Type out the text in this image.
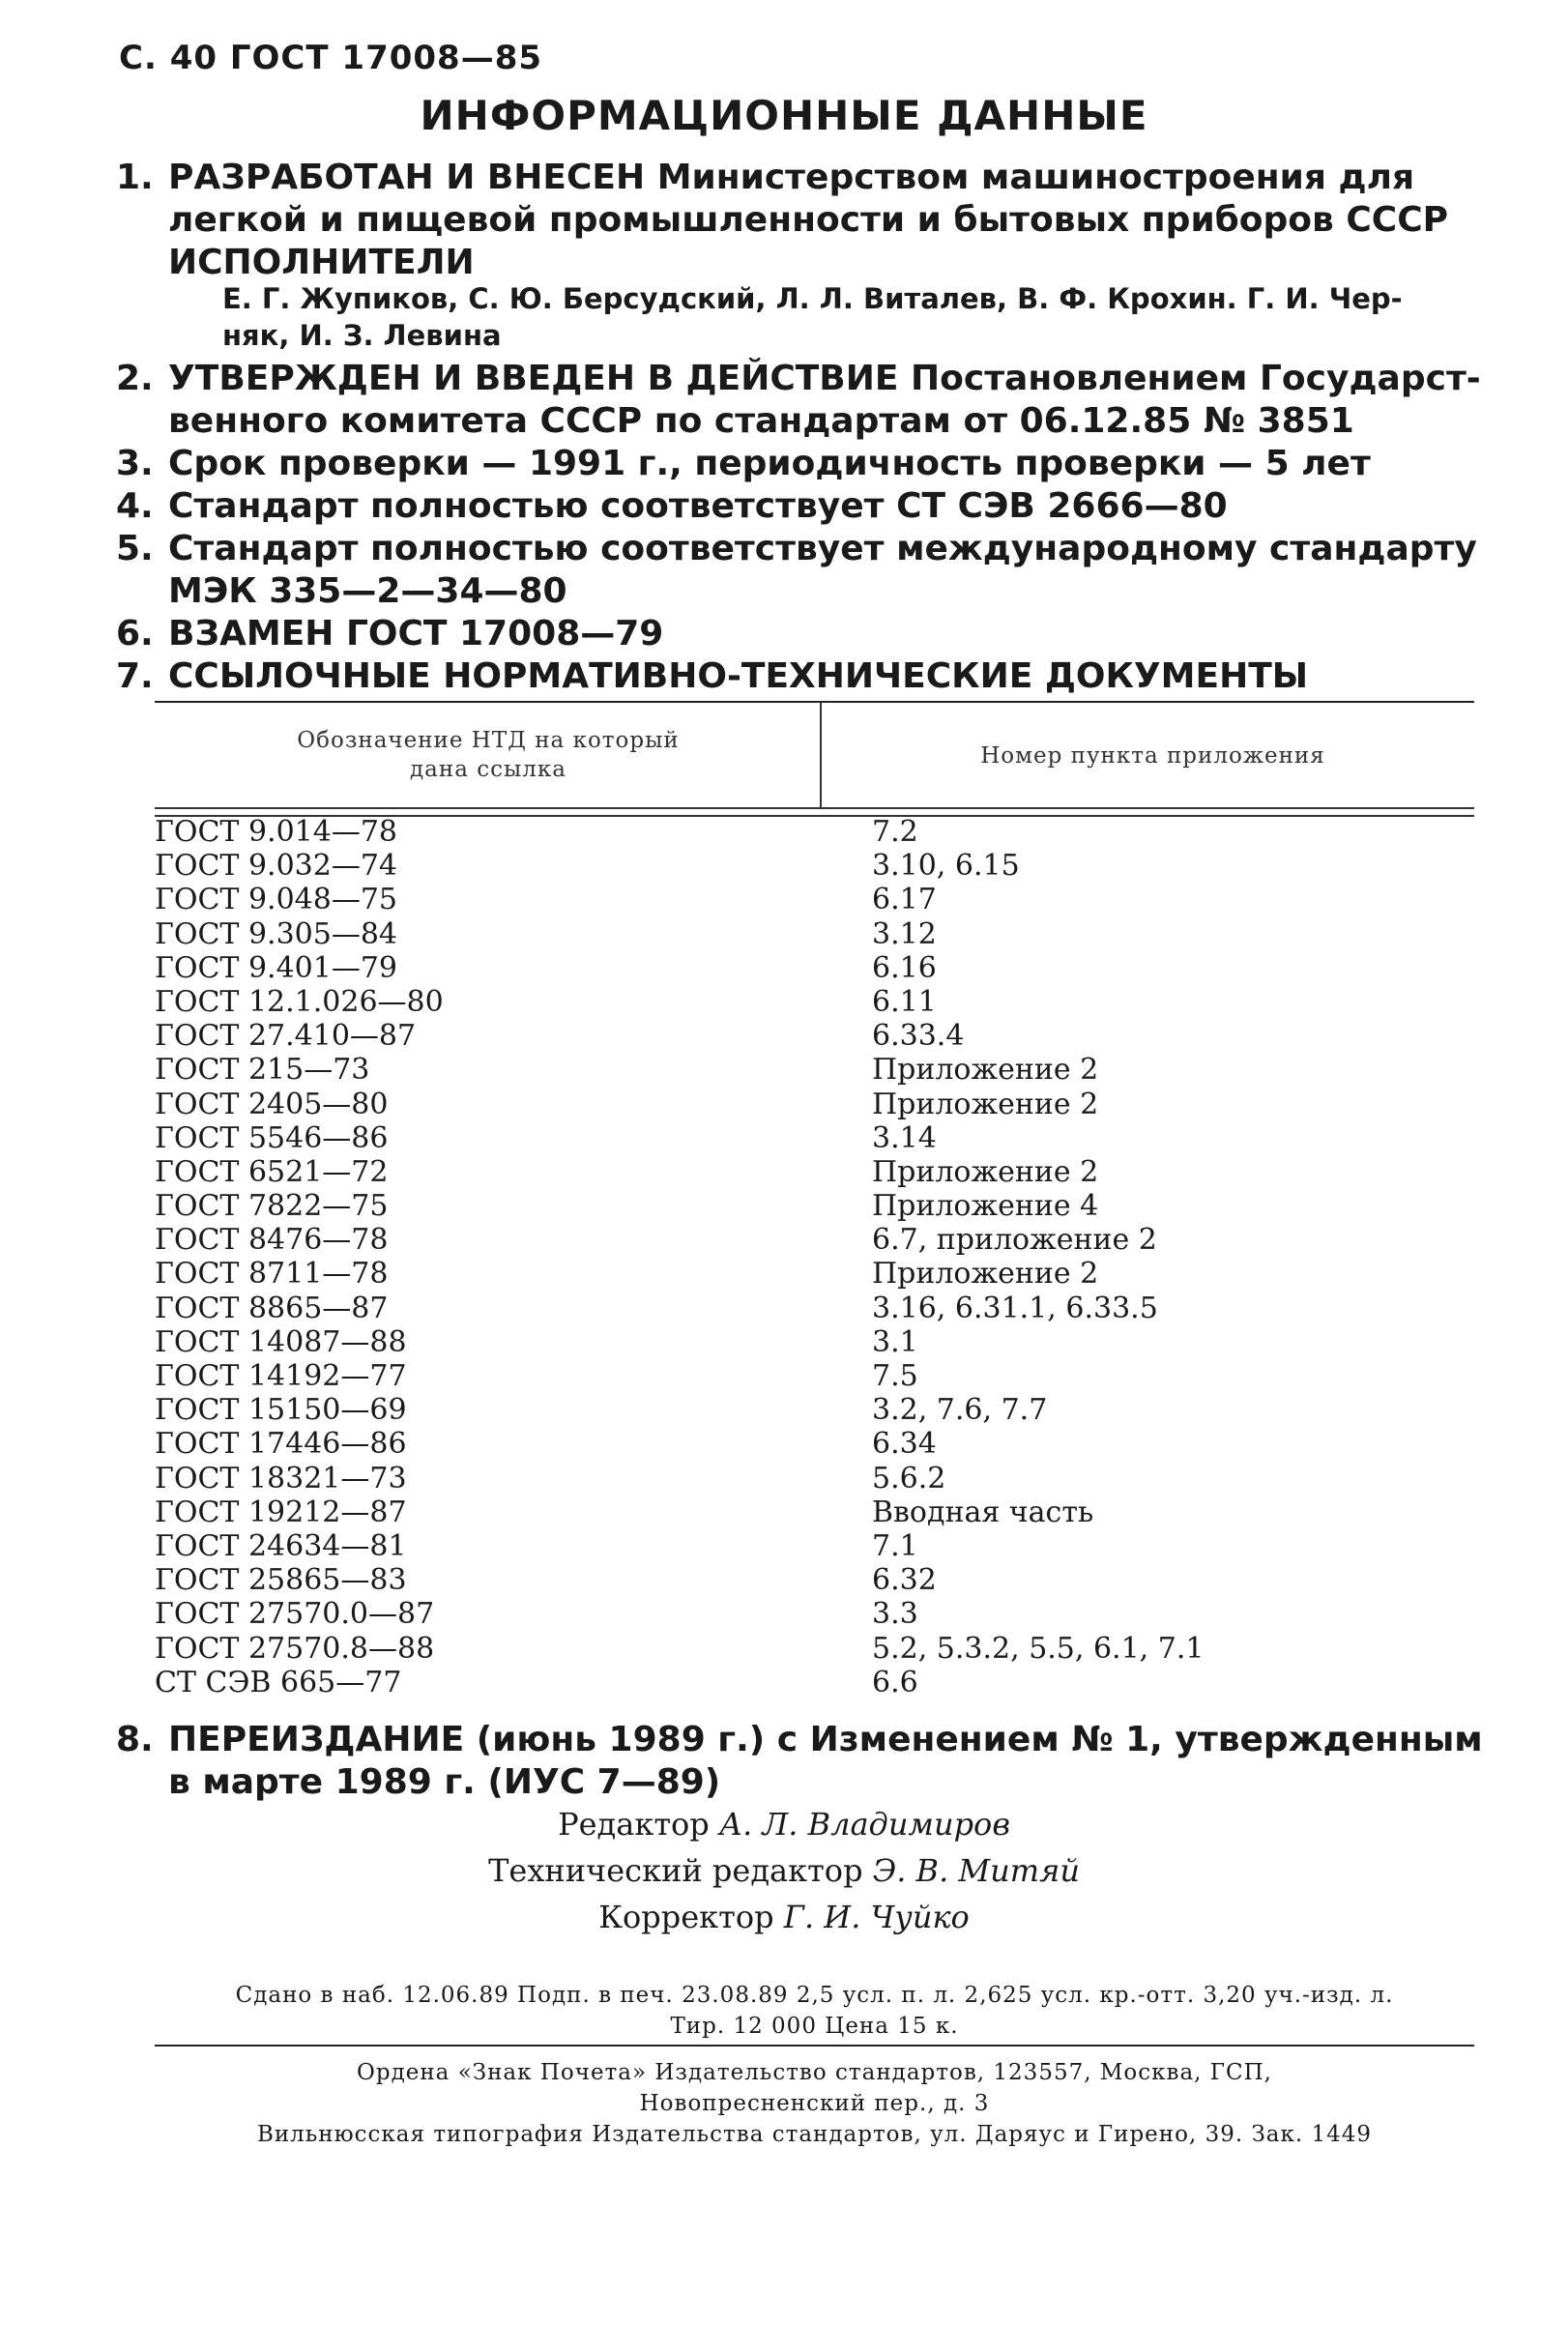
С. 40 ГОСТ 17008—85
ИНФОРМАЦИОННЫЕ ДАННЫЕ
1. РАЗРАБОТАН И ВНЕСЕН Министерством машиностроения для
легкой и пищевой промышленности и бытовых приборов СССР
ИСПОЛНИТЕЛИ
Е. Г. Жупиков, С. Ю. Берсудский, Л. Л. Виталев, В. Ф. Крохин. Г. И. Чер-
няк, И. З. Левина
2. УТВЕРЖДЕН И ВВЕДЕН В ДЕЙСТВИЕ Постановлением Государст-
венного комитета СССР по стандартам от 06.12.85 № 3851
3. Срок проверки — 1991 г., периодичность проверки — 5 лет
4. Стандарт полностью соответствует СТ СЭВ 2666—80
5. Стандарт полностью соответствует международному стандарту
МЭК 335—2—34—80
6. ВЗАМЕН ГОСТ 17008—79
7. ССЫЛОЧНЫЕ НОРМАТИВНО-ТЕХНИЧЕСКИЕ ДОКУМЕНТЫ
Обозначение НТД на который
дана ссылка
Номер пункта приложения
ГОСТ 9.014—78	7.2
ГОСТ 9.032—74	3.10, 6.15
ГОСТ 9.048—75	6.17
ГОСТ 9.305—84	3.12
ГОСТ 9.401—79	6.16
ГОСТ 12.1.026—80	6.11
ГОСТ 27.410—87	6.33.4
ГОСТ 215—73	Приложение 2
ГОСТ 2405—80	Приложение 2
ГОСТ 5546—86	3.14
ГОСТ 6521—72	Приложение 2
ГОСТ 7822—75	Приложение 4
ГОСТ 8476—78	6.7, приложение 2
ГОСТ 8711—78	Приложение 2
ГОСТ 8865—87	3.16, 6.31.1, 6.33.5
ГОСТ 14087—88	3.1
ГОСТ 14192—77	7.5
ГОСТ 15150—69	3.2, 7.6, 7.7
ГОСТ 17446—86	6.34
ГОСТ 18321—73	5.6.2
ГОСТ 19212—87	Вводная часть
ГОСТ 24634—81	7.1
ГОСТ 25865—83	6.32
ГОСТ 27570.0—87	3.3
ГОСТ 27570.8—88	5.2, 5.3.2, 5.5, 6.1, 7.1
СТ СЭВ 665—77	6.6
8. ПЕРЕИЗДАНИЕ (июнь 1989 г.) с Изменением № 1, утвержденным
в марте 1989 г. (ИУС 7—89)
Редактор А. Л. Владимиров
Технический редактор Э. В. Митяй
Корректор Г. И. Чуйко
Сдано в наб. 12.06.89 Подп. в печ. 23.08.89 2,5 усл. п. л. 2,625 усл. кр.-отт. 3,20 уч.-изд. л.
Тир. 12 000 Цена 15 к.
Ордена «Знак Почета» Издательство стандартов, 123557, Москва, ГСП,
Новопресненский пер., д. 3
Вильнюсская типография Издательства стандартов, ул. Даряус и Гирено, 39. Зак. 1449
